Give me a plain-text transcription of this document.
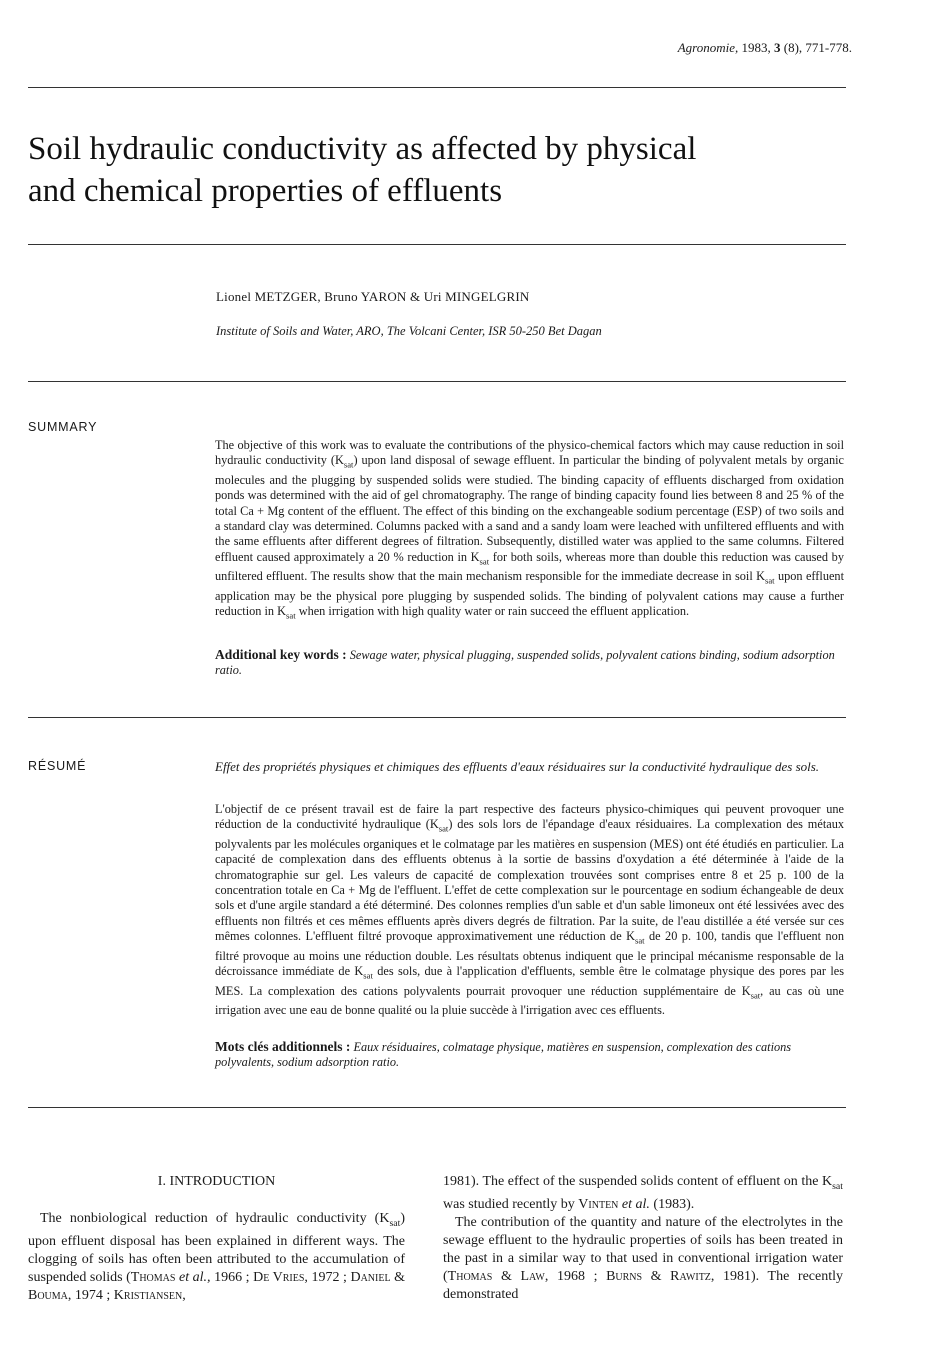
Agronomie, 1983, 3 (8), 771-778.
Soil hydraulic conductivity as affected by physical
and chemical properties of effluents
Lionel METZGER, Bruno YARON & Uri MINGELGRIN
Institute of Soils and Water, ARO, The Volcani Center, ISR 50-250 Bet Dagan
SUMMARY
The objective of this work was to evaluate the contributions of the physico-chemical factors which may cause reduction in soil hydraulic conductivity $(K_{sat})$ upon land disposal of sewage effluent. In particular the binding of polyvalent metals by organic molecules and the plugging by suspended solids were studied. The binding capacity of effluents discharged from oxidation ponds was determined with the aid of gel chromatography. The range of binding capacity found lies between 8 and 25 % of the total Ca + Mg content of the effluent. The effect of this binding on the exchangeable sodium percentage (ESP) of two soils and a standard clay was determined. Columns packed with a sand and a sandy loam were leached with unfiltered effluents and with the same effluents after different degrees of filtration. Subsequently, distilled water was applied to the same columns. Filtered effluent caused approximately a 20 % reduction in $K_{sat}$ for both soils, whereas more than double this reduction was caused by unfiltered effluent. The results show that the main mechanism responsible for the immediate decrease in soil $K_{sat}$ upon effluent application may be the physical pore plugging by suspended solids. The binding of polyvalent cations may cause a further reduction in $K_{sat}$ when irrigation with high quality water or rain succeed the effluent application.
Additional key words : Sewage water, physical plugging, suspended solids, polyvalent cations binding, sodium adsorption ratio.
RÉSUMÉ	Effet des propriétés physiques et chimiques des effluents d'eaux résiduaires sur la conductivité hydraulique des sols.
L'objectif de ce présent travail est de faire la part respective des facteurs physico-chimiques qui peuvent provoquer une réduction de la conductivité hydraulique $(K_{sat})$ des sols lors de l'épandage d'eaux résiduaires. La complexation des métaux polyvalents par les molécules organiques et le colmatage par les matières en suspension (MES) ont été étudiés en particulier. La capacité de complexation dans des effluents obtenus à la sortie de bassins d'oxydation a été déterminée à l'aide de la chromatographie sur gel. Les valeurs de capacité de complexation trouvées sont comprises entre 8 et 25 p. 100 de la concentration totale en Ca + Mg de l'effluent. L'effet de cette complexation sur le pourcentage en sodium échangeable de deux sols et d'une argile standard a été déterminé. Des colonnes remplies d'un sable et d'un sable limoneux ont été lessivées avec des effluents non filtrés et ces mêmes effluents après divers degrés de filtration. Par la suite, de l'eau distillée a été versée sur ces mêmes colonnes. L'effluent filtré provoque approximativement une réduction de $K_{sat}$ de 20 p. 100, tandis que l'effluent non filtré provoque au moins une réduction double. Les résultats obtenus indiquent que le principal mécanisme responsable de la décroissance immédiate de $K_{sat}$ des sols, due à l'application d'effluents, semble être le colmatage physique des pores par les MES. La complexation des cations polyvalents pourrait provoquer une réduction supplémentaire de $K_{sat}$, au cas où une irrigation avec une eau de bonne qualité ou la pluie succède à l'irrigation avec ces effluents.
Mots clés additionnels : Eaux résiduaires, colmatage physique, matières en suspension, complexation des cations polyvalents, sodium adsorption ratio.
I. INTRODUCTION
The nonbiological reduction of hydraulic conductivity $(K_{sat})$ upon effluent disposal has been explained in different ways. The clogging of soils has often been attributed to the accumulation of suspended solids (Thomas et al., 1966 ; De Vries, 1972 ; Daniel & Bouma, 1974 ; Kristiansen,
1981). The effect of the suspended solids content of effluent on the $K_{sat}$ was studied recently by Vinten et al. (1983).
The contribution of the quantity and nature of the electrolytes in the sewage effluent to the hydraulic properties of soils has been treated in the past in a similar way to that used in conventional irrigation water (Thomas & Law, 1968 ; Burns & Rawitz, 1981). The recently demonstrated
